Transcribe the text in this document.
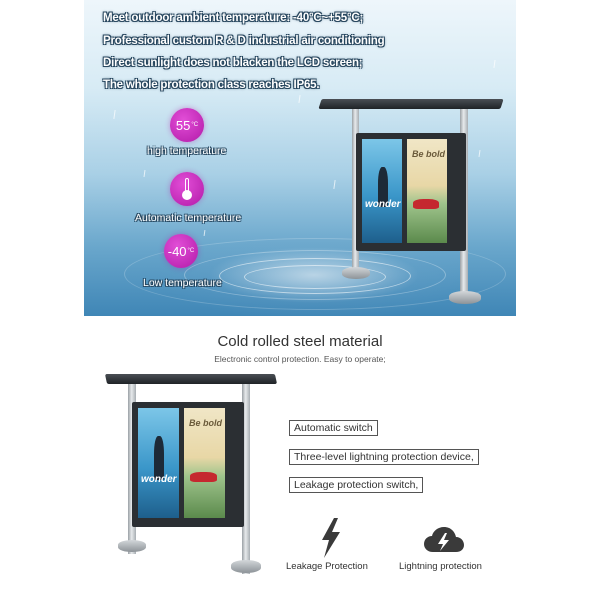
Meet outdoor ambient temperature: -40°C~+55°C;
Professional custom R & D industrial air conditioning
Direct sunlight does not blacken the LCD screen;
The whole protection class reaches IP65.
55 °C
high temperature
Automatic temperature
-40 °C
Low temperature
wonder
Be bold
Cold rolled steel material
Electronic control protection. Easy to operate;
wonder
Be bold	Automatic switch
Three-level lightning protection device,
Leakage protection switch,
Leakage Protection	Lightning protection
